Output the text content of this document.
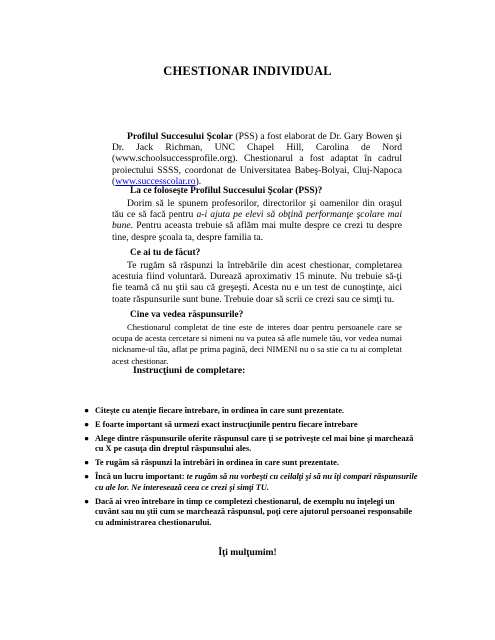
CHESTIONAR INDIVIDUAL
Profilul Succesului Şcolar (PSS) a fost elaborat de Dr. Gary Bowen şi Dr. Jack Richman, UNC Chapel Hill, Carolina de Nord (www.schoolsuccessprofile.org). Chestionarul a fost adaptat în cadrul proiectului SSSS, coordonat de Universitatea Babeş-Bolyai, Cluj-Napoca (www.successcolar.ro).
La ce foloseşte Profilul Succesului Şcolar (PSS)?
Dorim să le spunem profesorilor, directorilor şi oamenilor din oraşul tău ce să facă pentru a-i ajuta pe elevi să obţină performanţe şcolare mai bune. Pentru aceasta trebuie să aflăm mai multe despre ce crezi tu despre tine, despre şcoala ta, despre familia ta.
Ce ai tu de făcut?
Te rugăm să răspunzi la întrebările din acest chestionar, completarea acestuia fiind voluntară. Durează aproximativ 15 minute. Nu trebuie să-ţi fie teamă că nu ştii sau că greşeşti. Acesta nu e un test de cunoştinţe, aici toate răspunsurile sunt bune. Trebuie doar să scrii ce crezi sau ce simţi tu.
Cine va vedea răspunsurile?
Chestionarul completat de tine este de interes doar pentru persoanele care se ocupa de acesta cercetare si nimeni nu va putea să afle numele tău, vor vedea numai nickname-ul tău, aflat pe prima pagină, deci NIMENI nu o sa stie ca tu ai completat acest chestionar.
Instrucţiuni de completare:
● Citeşte cu atenţie fiecare întrebare, în ordinea în care sunt prezentate.
● E foarte important să urmezi exact instrucţiunile pentru fiecare întrebare
● Alege dintre răspunsurile oferite răspunsul care ţi se potriveşte cel mai bine şi marchează cu X pe casuţa din dreptul răspunsului ales.
● Te rugăm să răspunzi la întrebări în ordinea în care sunt prezentate.
● Încă un lucru important: te rugăm să nu vorbeşti cu ceilalţi şi să nu îţi compari răspunsurile cu ale lor. Ne interesează ceea ce crezi şi simţi TU.
● Dacă ai vreo întrebare în timp ce completezi chestionarul, de exemplu nu înţelegi un cuvânt sau nu ştii cum se marchează răspunsul, poţi cere ajutorul persoanei responsabile cu administrarea chestionarului.
Îţi mulţumim!
